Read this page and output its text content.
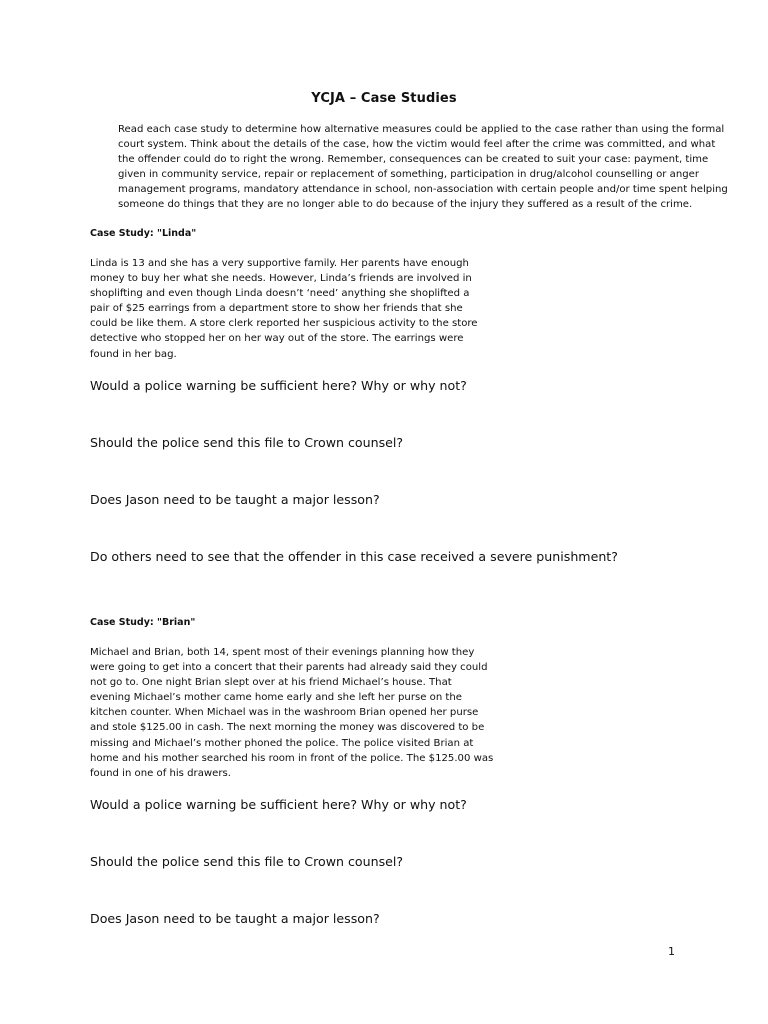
YCJA – Case Studies
Read each case study to determine how alternative measures could be applied to the case rather than using the formal
court system. Think about the details of the case, how the victim would feel after the crime was committed, and what
the offender could do to right the wrong. Remember, consequences can be created to suit your case: payment, time
given in community service, repair or replacement of something, participation in drug/alcohol counselling or anger
management programs, mandatory attendance in school, non-association with certain people and/or time spent helping
someone do things that they are no longer able to do because of the injury they suffered as a result of the crime.
Case Study: "Linda"
Linda is 13 and she has a very supportive family. Her parents have enough
money to buy her what she needs. However, Linda’s friends are involved in
shoplifting and even though Linda doesn’t ‘need’ anything she shoplifted a
pair of $25 earrings from a department store to show her friends that she
could be like them. A store clerk reported her suspicious activity to the store
detective who stopped her on her way out of the store. The earrings were
found in her bag.
Would a police warning be sufficient here? Why or why not?
Should the police send this file to Crown counsel?
Does Jason need to be taught a major lesson?
Do others need to see that the offender in this case received a severe punishment?
Case Study: "Brian"
Michael and Brian, both 14, spent most of their evenings planning how they
were going to get into a concert that their parents had already said they could
not go to. One night Brian slept over at his friend Michael’s house. That
evening Michael’s mother came home early and she left her purse on the
kitchen counter. When Michael was in the washroom Brian opened her purse
and stole $125.00 in cash. The next morning the money was discovered to be
missing and Michael’s mother phoned the police. The police visited Brian at
home and his mother searched his room in front of the police. The $125.00 was
found in one of his drawers.
Would a police warning be sufficient here? Why or why not?
Should the police send this file to Crown counsel?
Does Jason need to be taught a major lesson?
1
